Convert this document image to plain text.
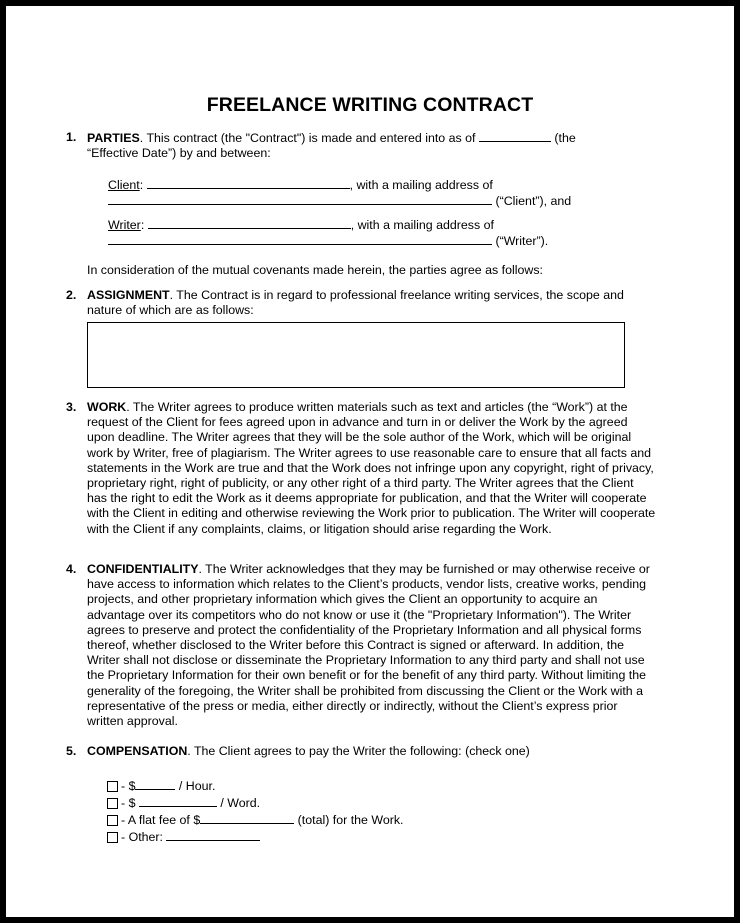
FREELANCE WRITING CONTRACT
1. PARTIES. This contract (the "Contract") is made and entered into as of	(the
“Effective Date”) by and between:
Client:	, with a mailing address of
(“Client”), and
Writer:	, with a mailing address of
(“Writer”).
In consideration of the mutual covenants made herein, the parties agree as follows:
2. ASSIGNMENT. The Contract is in regard to professional freelance writing services, the scope and nature of which are as follows:
3. WORK. The Writer agrees to produce written materials such as text and articles (the “Work”) at the request of the Client for fees agreed upon in advance and turn in or deliver the Work by the agreed upon deadline. The Writer agrees that they will be the sole author of the Work, which will be original work by Writer, free of plagiarism. The Writer agrees to use reasonable care to ensure that all facts and statements in the Work are true and that the Work does not infringe upon any copyright, right of privacy, proprietary right, right of publicity, or any other right of a third party. The Writer agrees that the Client has the right to edit the Work as it deems appropriate for publication, and that the Writer will cooperate with the Client in editing and otherwise reviewing the Work prior to publication. The Writer will cooperate with the Client if any complaints, claims, or litigation should arise regarding the Work.
4. CONFIDENTIALITY. The Writer acknowledges that they may be furnished or may otherwise receive or have access to information which relates to the Client’s products, vendor lists, creative works, pending projects, and other proprietary information which gives the Client an opportunity to acquire an advantage over its competitors who do not know or use it (the "Proprietary Information"). The Writer agrees to preserve and protect the confidentiality of the Proprietary Information and all physical forms thereof, whether disclosed to the Writer before this Contract is signed or afterward. In addition, the Writer shall not disclose or disseminate the Proprietary Information to any third party and shall not use the Proprietary Information for their own benefit or for the benefit of any third party. Without limiting the generality of the foregoing, the Writer shall be prohibited from discussing the Client or the Work with a representative of the press or media, either directly or indirectly, without the Client’s express prior written approval.
5. COMPENSATION. The Client agrees to pay the Writer the following: (check one)
- $	/ Hour.
- $	/ Word.
- A flat fee of $	(total) for the Work.
- Other:
